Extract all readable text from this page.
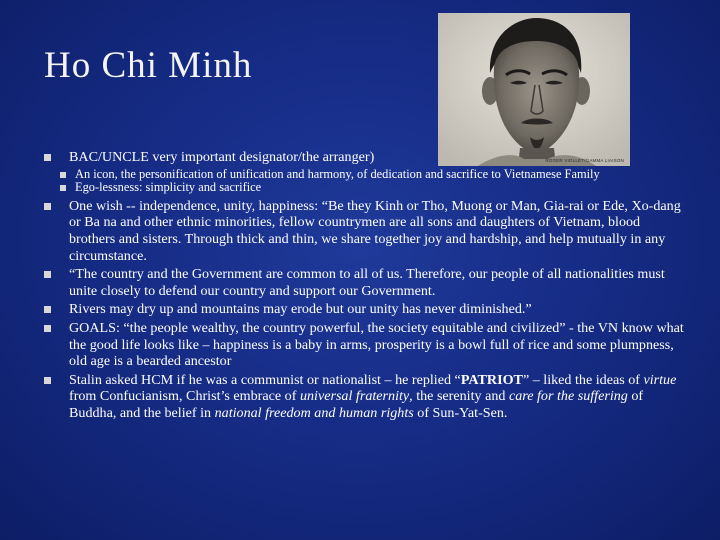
Ho Chi Minh
ROGER VIOLLET/GAMMA LIAISON
BAC/UNCLE very important designator/the arranger)
An icon, the personification of unification and harmony, of dedication and sacrifice to Vietnamese Family
Ego-lessness: simplicity and sacrifice
One wish -- independence, unity, happiness: “Be they Kinh or Tho, Muong or Man, Gia-rai or Ede, Xo-dang or Ba na and other ethnic minorities, fellow countrymen are all sons and daughters of Vietnam, blood brothers and sisters. Through thick and thin, we share together joy and hardship, and help mutually in any circumstance.
“The country and the Government are common to all of us. Therefore, our people of all nationalities must unite closely to defend our country and support our Government.
Rivers may dry up and mountains may erode but our unity has never diminished.”
GOALS: “the people wealthy, the country powerful, the society equitable and civilized” - the VN know what the good life looks like – happiness is a baby in arms, prosperity is a bowl full of rice and some plumpness, old age is a bearded ancestor
Stalin asked HCM if he was a communist or nationalist – he replied “PATRIOT” – liked the ideas of virtue from Confucianism, Christ’s embrace of universal fraternity, the serenity and care for the suffering of Buddha, and the belief in national freedom and human rights of Sun-Yat-Sen.
